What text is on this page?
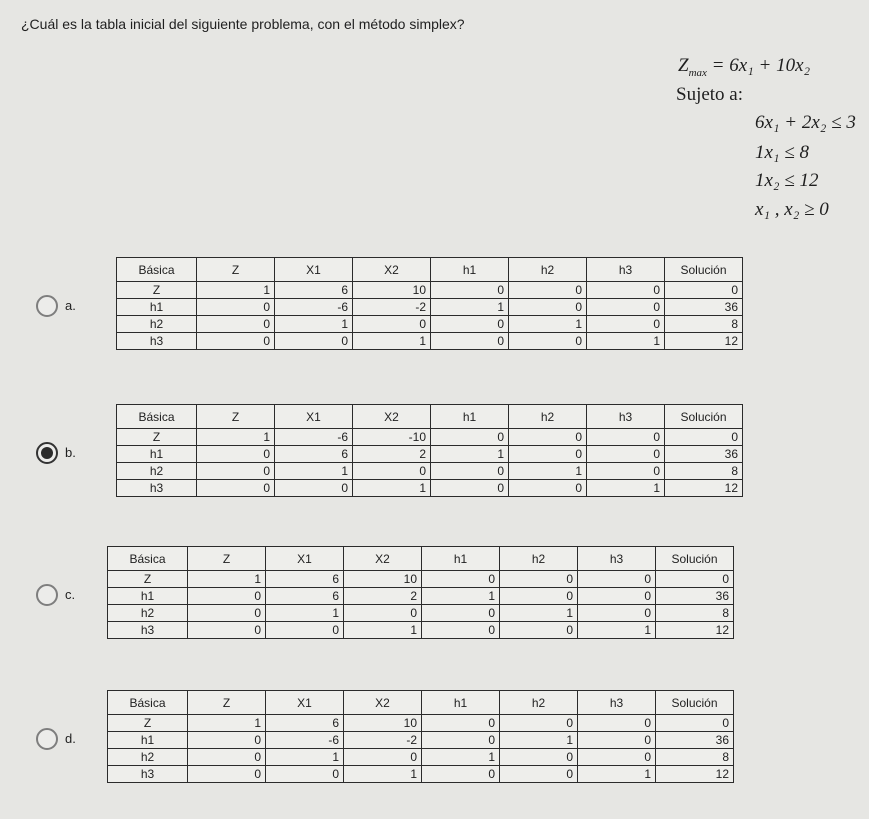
¿Cuál es la tabla inicial del siguiente problema, con el método simplex?
$Z_{max} = 6x_1 + 10x_2$
Sujeto a:
6x₁ + 2x₂ ≤ 3
1x₁ ≤ 8
1x₂ ≤ 12
x₁ , x₂ ≥ 0
a.
Básica	Z	X1	X2	h1	h2	h3	Solución
Z	1	6	10	0	0	0	0
h1	0	-6	-2	1	0	0	36
h2	0	1	0	0	1	0	8
h3	0	0	1	0	0	1	12
b.
Básica	Z	X1	X2	h1	h2	h3	Solución
Z	1	-6	-10	0	0	0	0
h1	0	6	2	1	0	0	36
h2	0	1	0	0	1	0	8
h3	0	0	1	0	0	1	12
c.
Básica	Z	X1	X2	h1	h2	h3	Solución
Z	1	6	10	0	0	0	0
h1	0	6	2	1	0	0	36
h2	0	1	0	0	1	0	8
h3	0	0	1	0	0	1	12
d.
Básica	Z	X1	X2	h1	h2	h3	Solución
Z	1	6	10	0	0	0	0
h1	0	-6	-2	0	1	0	36
h2	0	1	0	1	0	0	8
h3	0	0	1	0	0	1	12
